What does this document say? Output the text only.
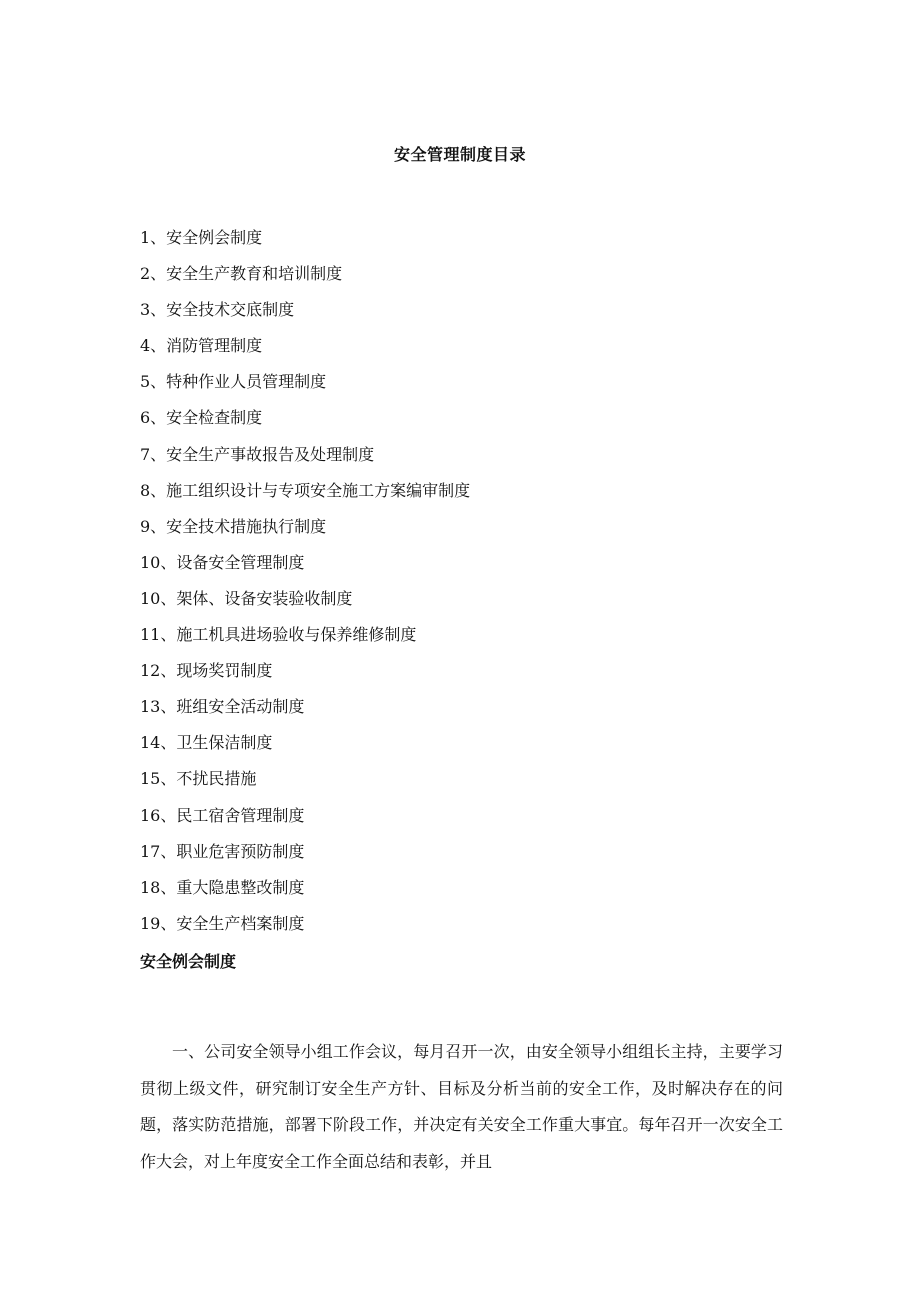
安全管理制度目录
1、安全例会制度
2、安全生产教育和培训制度
3、安全技术交底制度
4、消防管理制度
5、特种作业人员管理制度
6、安全检查制度
7、安全生产事故报告及处理制度
8、施工组织设计与专项安全施工方案编审制度
9、安全技术措施执行制度
10、设备安全管理制度
10、架体、设备安装验收制度
11、施工机具进场验收与保养维修制度
12、现场奖罚制度
13、班组安全活动制度
14、卫生保洁制度
15、不扰民措施
16、民工宿舍管理制度
17、职业危害预防制度
18、重大隐患整改制度
19、安全生产档案制度
安全例会制度

一、公司安全领导小组工作会议，每月召开一次，由安全领导小组组长主持，主要学习贯彻上级文件，研究制订安全生产方针、目标及分析当前的安全工作，及时解决存在的问题，落实防范措施，部署下阶段工作，并决定有关安全工作重大事宜。每年召开一次安全工作大会，对上年度安全工作全面总结和表彰，并且
